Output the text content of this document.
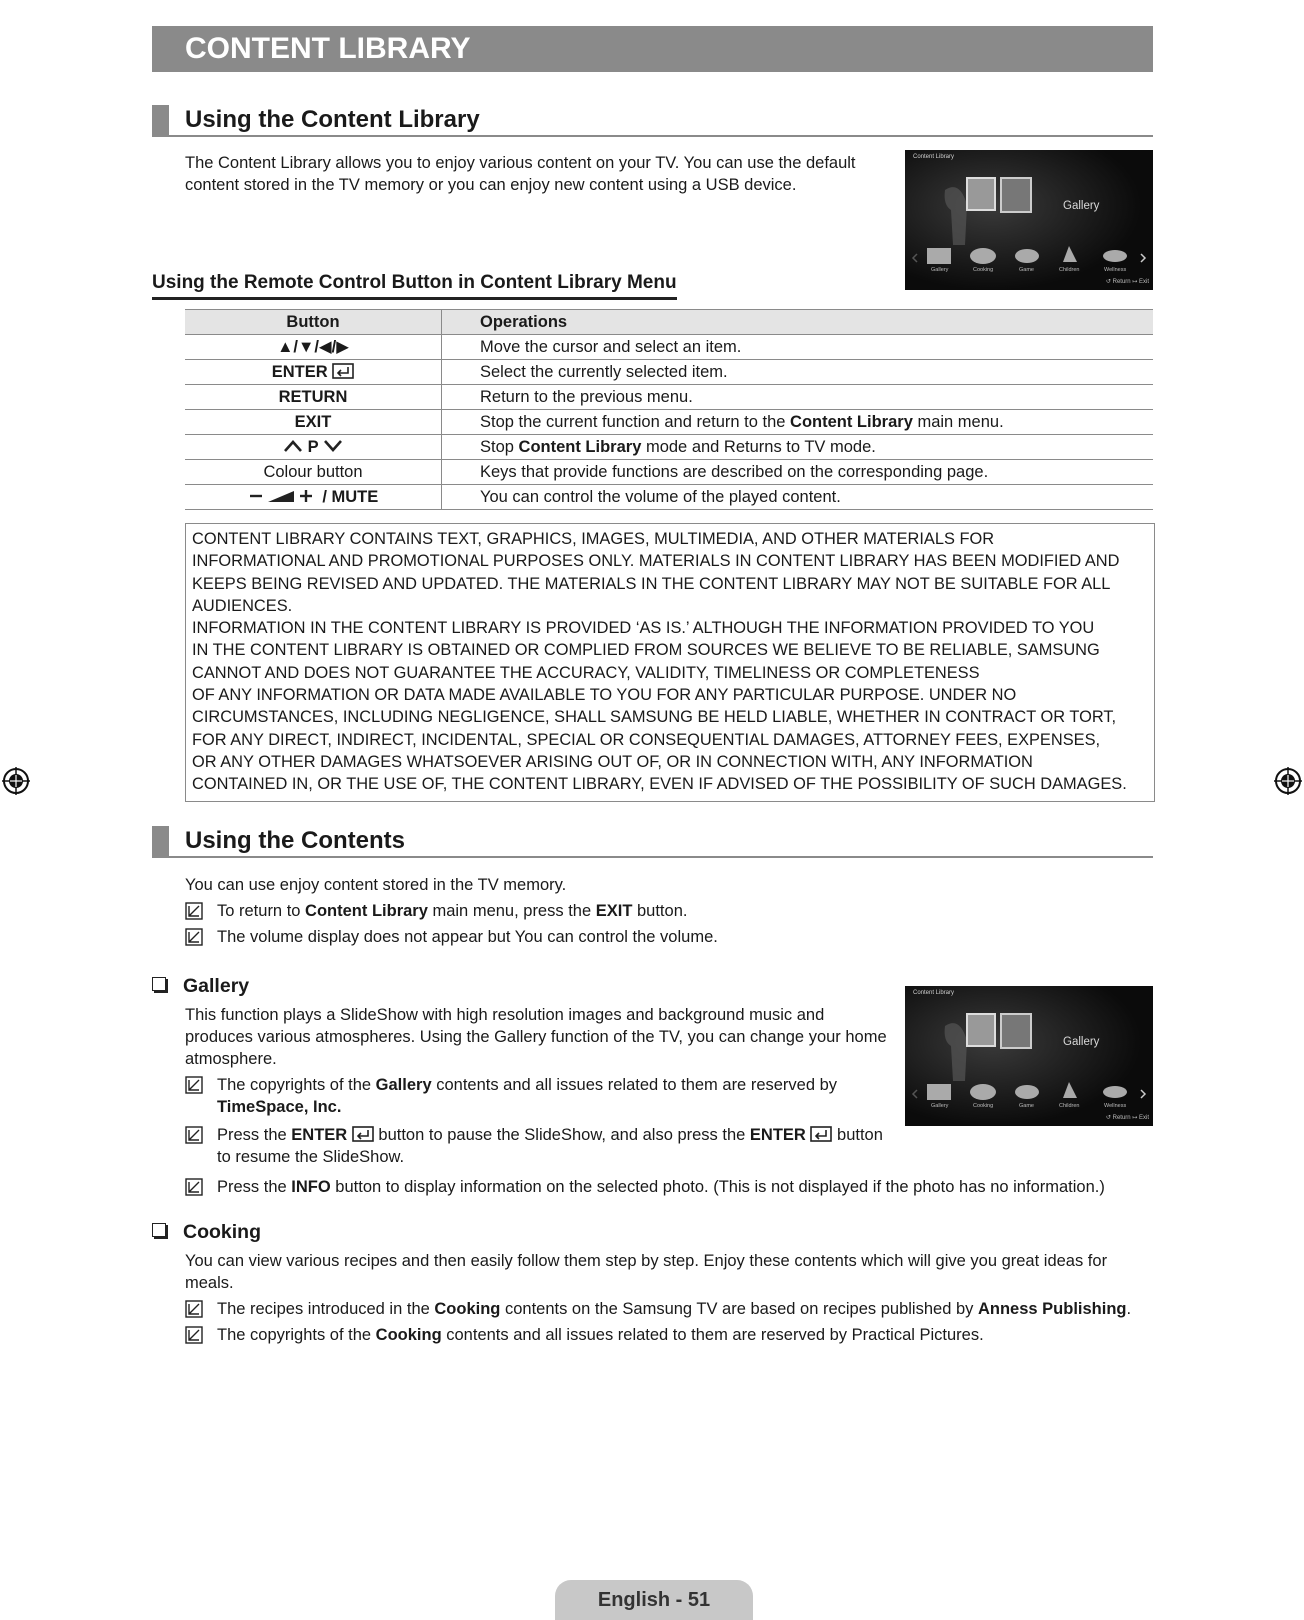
CONTENT LIBRARY
Using the Content Library
The Content Library allows you to enjoy various content on your TV. You can use the default
content stored in the TV memory or you can enjoy new content using a USB device.
Content Library
Gallery
Gallery	Cooking	Game	Children	Wellness
↺ Return ↦ Exit
Using the Remote Control Button in Content Library Menu
Button	Operations
▲/▼/◀/▶	Move the cursor and select an item.
ENTER	Select the currently selected item.
RETURN	Return to the previous menu.
EXIT	Stop the current function and return to the Content Library main menu.
P	Stop Content Library mode and Returns to TV mode.
Colour button	Keys that provide functions are described on the corresponding page.
/ MUTE	You can control the volume of the played content.
CONTENT LIBRARY CONTAINS TEXT, GRAPHICS, IMAGES, MULTIMEDIA, AND OTHER MATERIALS FOR
INFORMATIONAL AND PROMOTIONAL PURPOSES ONLY. MATERIALS IN CONTENT LIBRARY HAS BEEN MODIFIED AND
KEEPS BEING REVISED AND UPDATED. THE MATERIALS IN THE CONTENT LIBRARY MAY NOT BE SUITABLE FOR ALL
AUDIENCES.
INFORMATION IN THE CONTENT LIBRARY IS PROVIDED ‘AS IS.’ ALTHOUGH THE INFORMATION PROVIDED TO YOU
IN THE CONTENT LIBRARY IS OBTAINED OR COMPLIED FROM SOURCES WE BELIEVE TO BE RELIABLE, SAMSUNG
CANNOT AND DOES NOT GUARANTEE THE ACCURACY, VALIDITY, TIMELINESS OR COMPLETENESS
OF ANY INFORMATION OR DATA MADE AVAILABLE TO YOU FOR ANY PARTICULAR PURPOSE. UNDER NO
CIRCUMSTANCES, INCLUDING NEGLIGENCE, SHALL SAMSUNG BE HELD LIABLE, WHETHER IN CONTRACT OR TORT,
FOR ANY DIRECT, INDIRECT, INCIDENTAL, SPECIAL OR CONSEQUENTIAL DAMAGES, ATTORNEY FEES, EXPENSES,
OR ANY OTHER DAMAGES WHATSOEVER ARISING OUT OF, OR IN CONNECTION WITH, ANY INFORMATION
CONTAINED IN, OR THE USE OF, THE CONTENT LIBRARY, EVEN IF ADVISED OF THE POSSIBILITY OF SUCH DAMAGES.
Using the Contents
You can use enjoy content stored in the TV memory.
To return to Content Library main menu, press the EXIT button.
The volume display does not appear but You can control the volume.
Gallery
This function plays a SlideShow with high resolution images and background music and
produces various atmospheres. Using the Gallery function of the TV, you can change your home
atmosphere.
The copyrights of the Gallery contents and all issues related to them are reserved by
TimeSpace, Inc.
Press the ENTER  button to pause the SlideShow, and also press the ENTER  button
to resume the SlideShow.
Press the INFO button to display information on the selected photo. (This is not displayed if the photo has no information.)
Content Library
Gallery
Gallery	Cooking	Game	Children	Wellness
↺ Return ↦ Exit
Cooking
You can view various recipes and then easily follow them step by step. Enjoy these contents which will give you great ideas for
meals.
The recipes introduced in the Cooking contents on the Samsung TV are based on recipes published by Anness Publishing.
The copyrights of the Cooking contents and all issues related to them are reserved by Practical Pictures.
English - 51
